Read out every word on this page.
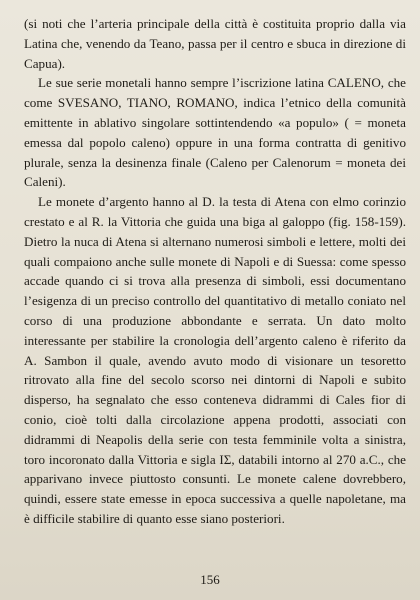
(si noti che l’arteria principale della città è costituita proprio dalla via Latina che, venendo da Teano, passa per il centro e sbuca in direzione di Capua).

Le sue serie monetali hanno sempre l’iscrizione latina CALENO, che come SVESANO, TIANO, ROMANO, indica l’etnico della comunità emittente in ablativo singolare sottintendendo «a populo» ( = moneta emessa dal popolo caleno) oppure in una forma contratta di genitivo plurale, senza la desinenza finale (Caleno per Calenorum = moneta dei Caleni).

Le monete d’argento hanno al D. la testa di Atena con elmo corinzio crestato e al R. la Vittoria che guida una biga al galoppo (fig. 158-159). Dietro la nuca di Atena si alternano numerosi simboli e lettere, molti dei quali compaiono anche sulle monete di Napoli e di Suessa: come spesso accade quando ci si trova alla presenza di simboli, essi documentano l’esigenza di un preciso controllo del quantitativo di metallo coniato nel corso di una produzione abbondante e serrata. Un dato molto interessante per stabilire la cronologia dell’argento caleno è riferito da A. Sambon il quale, avendo avuto modo di visionare un tesoretto ritrovato alla fine del secolo scorso nei dintorni di Napoli e subito disperso, ha segnalato che esso conteneva didrammi di Cales fior di conio, cioè tolti dalla circolazione appena prodotti, associati con didrammi di Neapolis della serie con testa femminile volta a sinistra, toro incoronato dalla Vittoria e sigla ΙΣ, databili intorno al 270 a.C., che apparivano invece piuttosto consunti. Le monete calene dovrebbero, quindi, essere state emesse in epoca successiva a quelle napoletane, ma è difficile stabilire di quanto esse siano posteriori.

156
